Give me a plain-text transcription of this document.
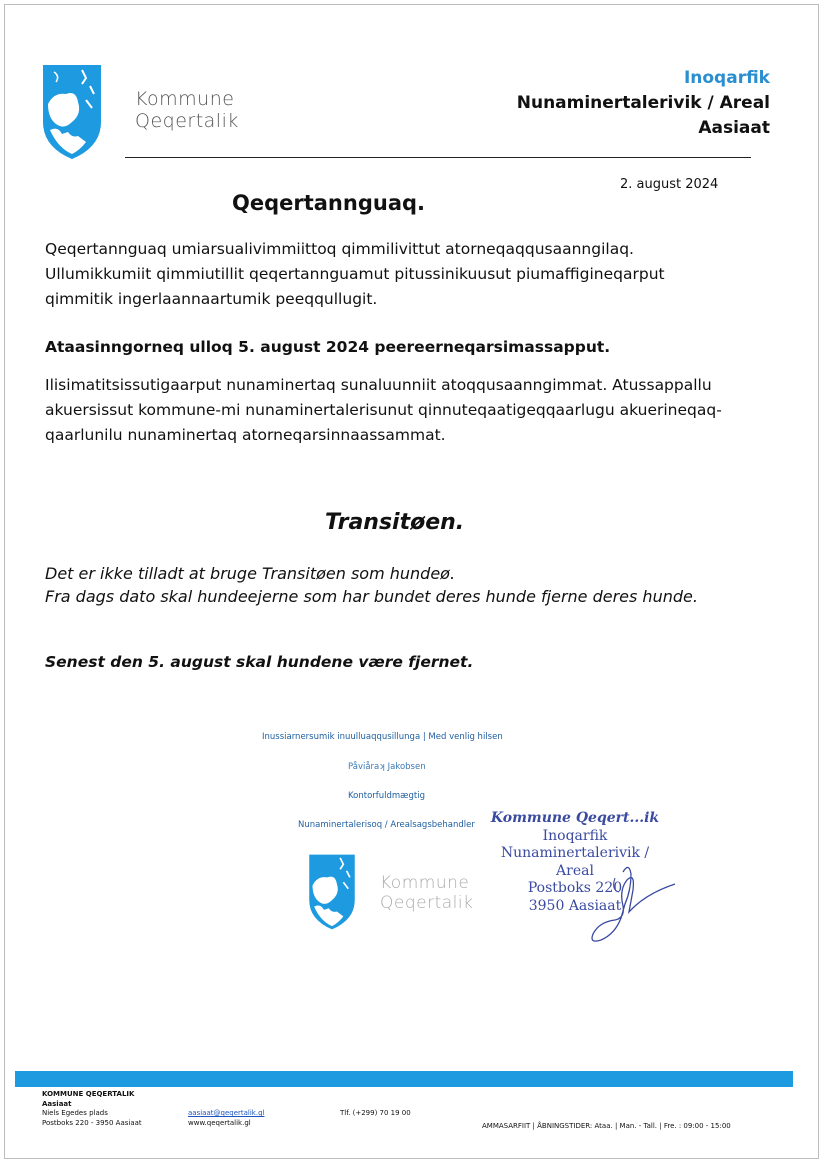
Kommune
Qeqertalik
Inoqarfik
Nunaminertalerivik / Areal
Aasiaat
2. august 2024
Qeqertannguaq.
Qeqertannguaq umiarsualivimmiittoq qimmilivittut atorneqaqqusaanngilaq.
Ullumikkumiit qimmiutillit qeqertannguamut pitussinikuusut piumaffigineqarput
qimmitik ingerlaannaartumik peeqqullugit.
Ataasinngorneq ulloq 5. august 2024 peereerneqarsimassapput.
Ilisimatitsissutigaarput nunaminertaq sunaluunniit atoqqusaanngimmat. Atussappallu
akuersissut kommune-mi nunaminertalerisunut qinnuteqaatigeqqaarlugu akuerineqaq-
qaarlunilu nunaminertaq atorneqarsinnaassammat.
Transitøen.
Det er ikke tilladt at bruge Transitøen som hundeø.
Fra dags dato skal hundeejerne som har bundet deres hunde fjerne deres hunde.
Senest den 5. august skal hundene være fjernet.
Inussiarnersumik inuulluaqqusillunga | Med venlig hilsen
Påviåraʞ Jakobsen
Kontorfuldmægtig
Nunaminertalerisoq / Arealsagsbehandler
Kommune
Qeqertalik
Kommune Qeqert...ik
Inoqarfik
Nunaminertalerivik / Areal
Postboks 220
3950 Aasiaat
KOMMUNE QEQERTALIK
Aasiaat
Niels Egedes plads
Postboks 220 - 3950 Aasiaat
aasiaat@qeqertalik.gl
www.qeqertalik.gl
Tlf. (+299) 70 19 00
AMMASARFIIT | ÅBNINGSTIDER: Ataa. | Man. - Tall. | Fre. : 09:00 - 15:00
